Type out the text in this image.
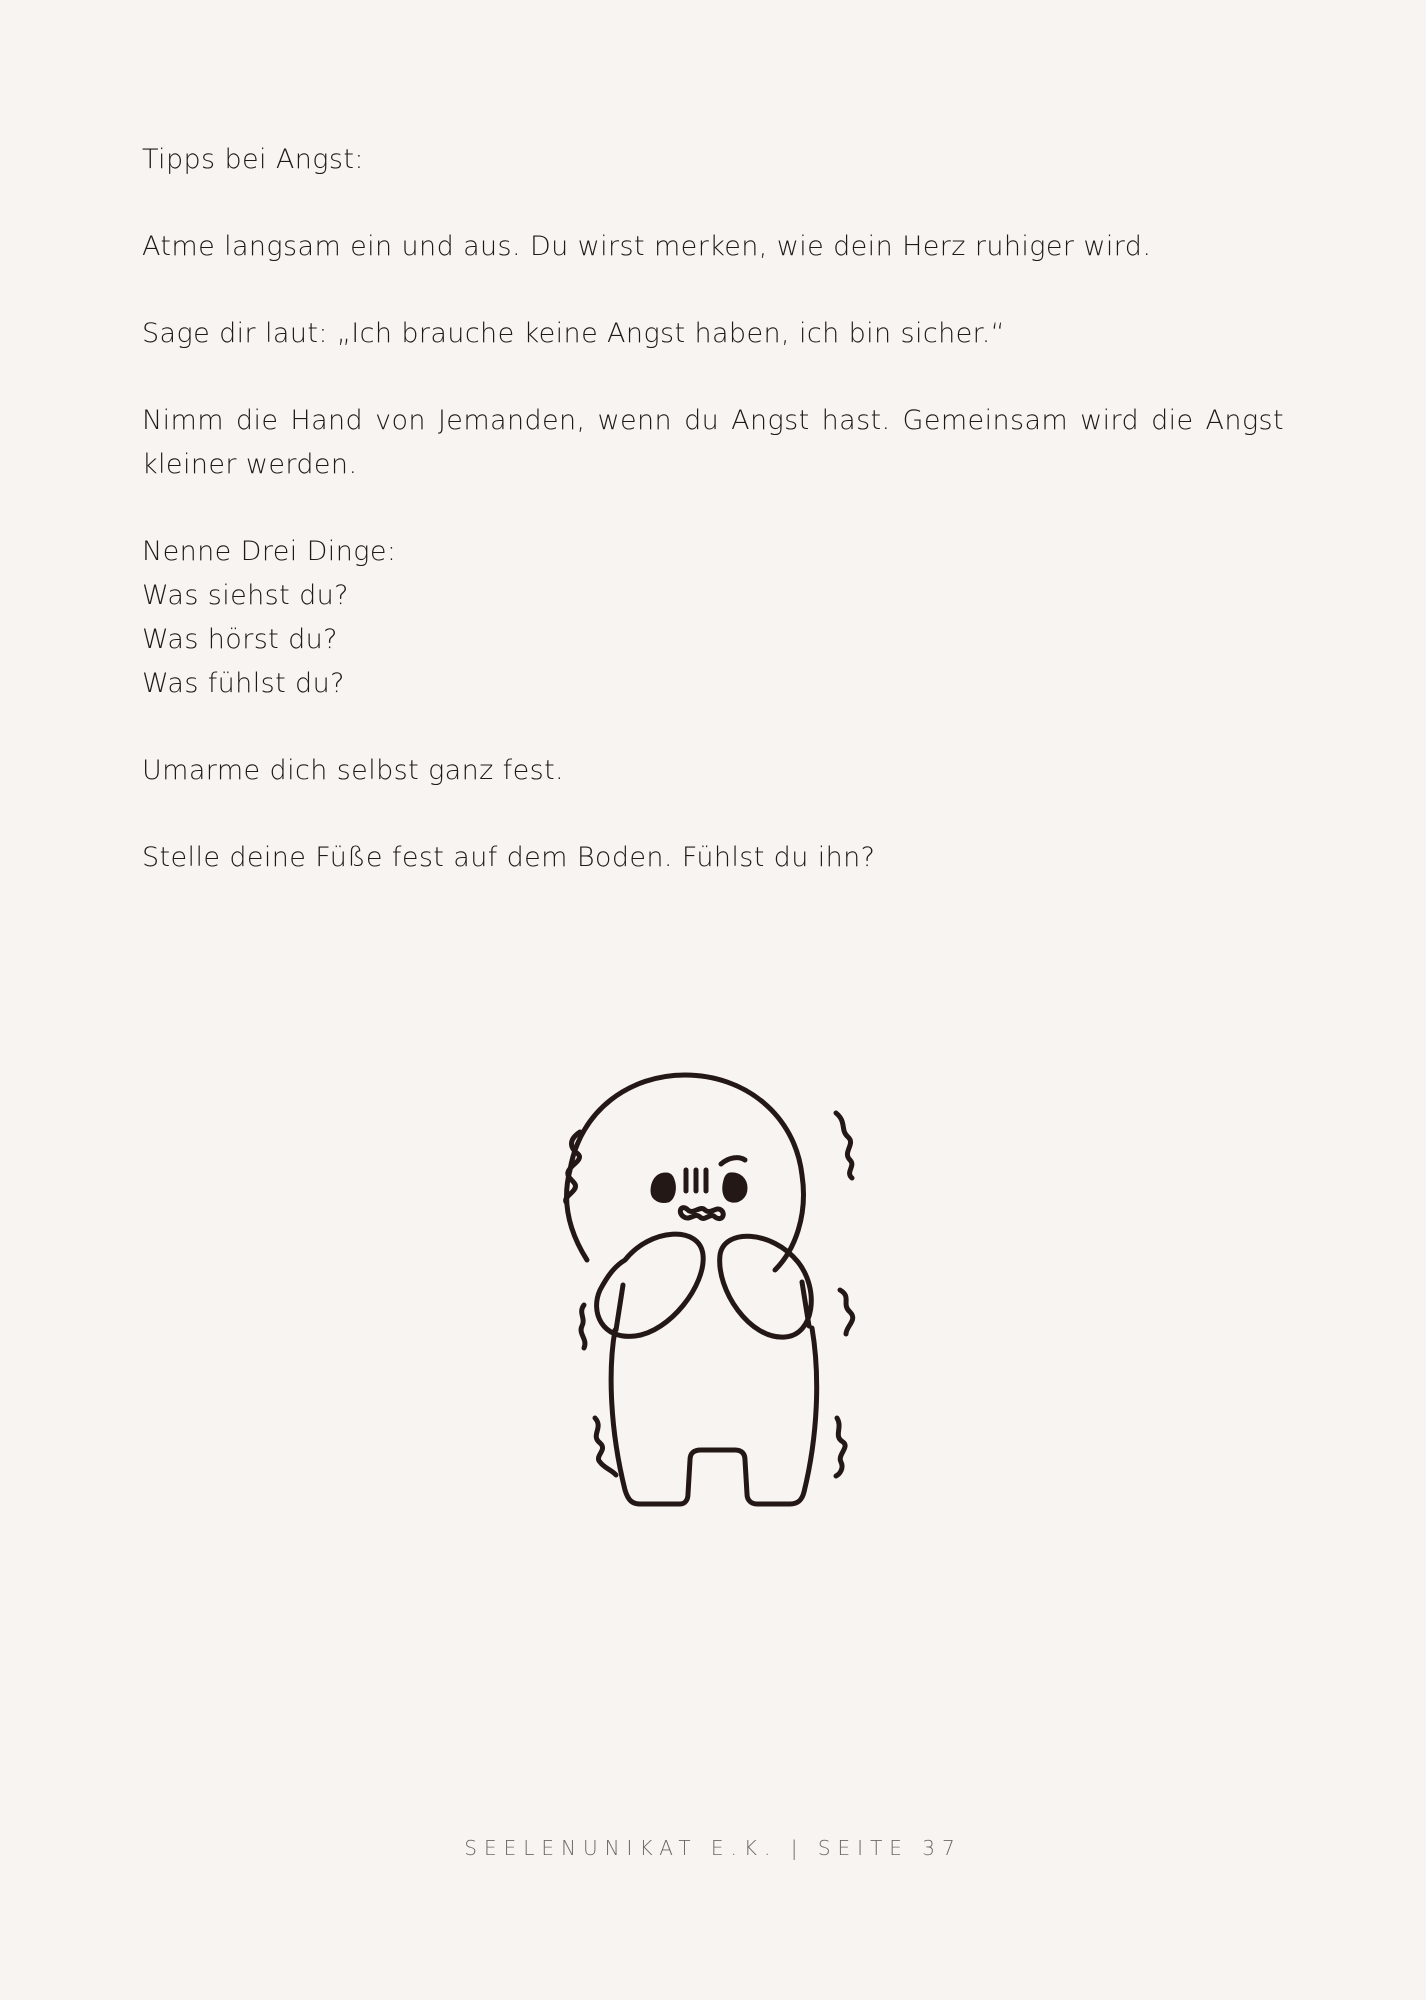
Tipps bei Angst:

Atme langsam ein und aus. Du wirst merken, wie dein Herz ruhiger wird.

Sage dir laut: „Ich brauche keine Angst haben, ich bin sicher.“

Nimm die Hand von Jemanden, wenn du Angst hast. Gemeinsam wird die Angst kleiner werden.

Nenne Drei Dinge:
Was siehst du?
Was hörst du?
Was fühlst du?

Umarme dich selbst ganz fest.

Stelle deine Füße fest auf dem Boden. Fühlst du ihn?

SEELENUNIKAT E.K. | SEITE 37
